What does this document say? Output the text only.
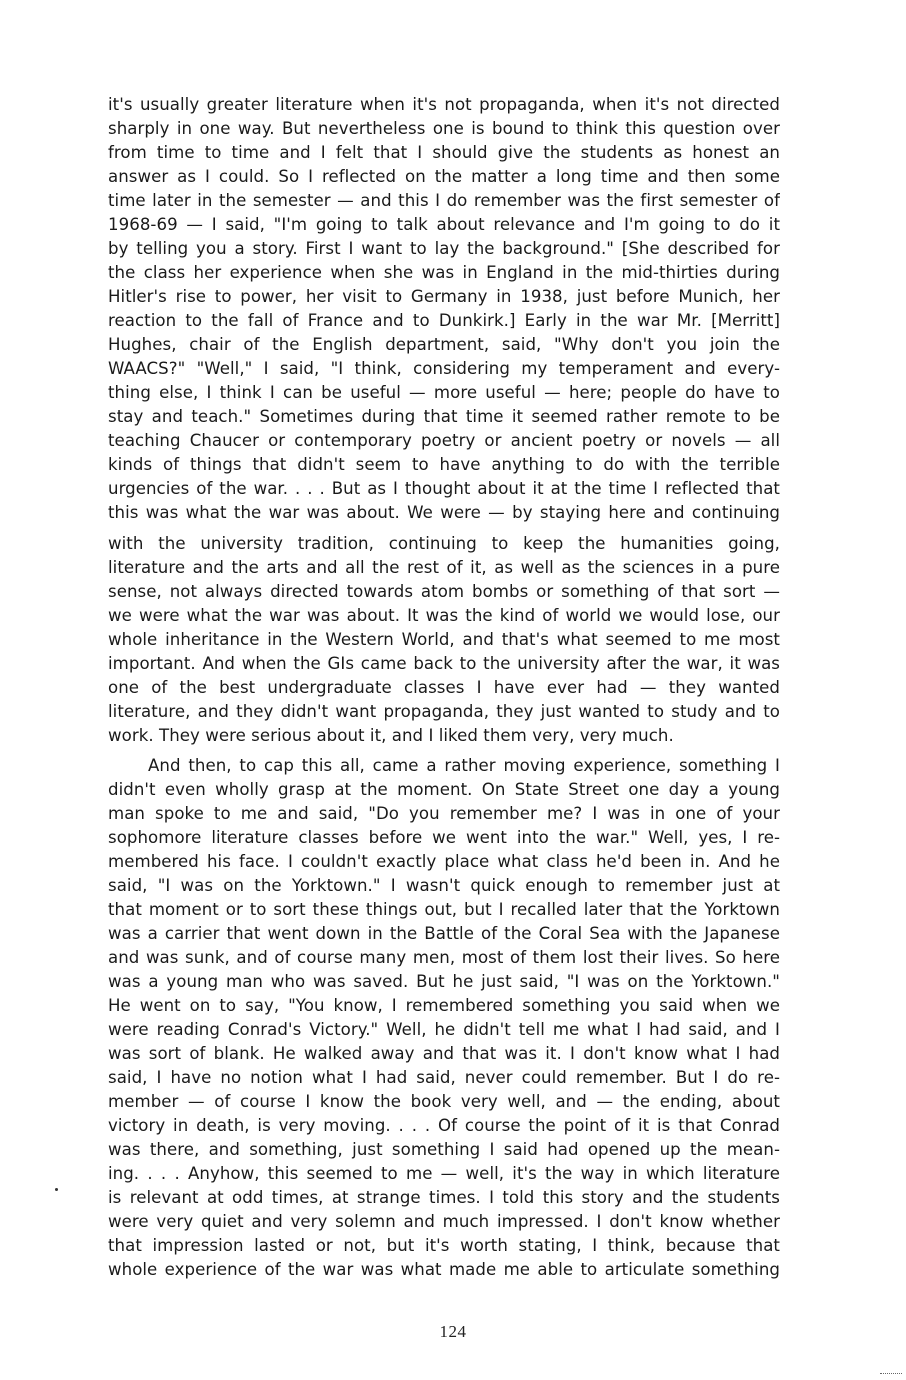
it's usually greater literature when it's not propaganda, when it's not directed
sharply in one way. But nevertheless one is bound to think this question over
from time to time and I felt that I should give the students as honest an
answer as I could. So I reflected on the matter a long time and then some
time later in the semester — and this I do remember was the first semester of
1968-69 — I said, "I'm going to talk about relevance and I'm going to do it
by telling you a story. First I want to lay the background." [She described for
the class her experience when she was in England in the mid-thirties during
Hitler's rise to power, her visit to Germany in 1938, just before Munich, her
reaction to the fall of France and to Dunkirk.] Early in the war Mr. [Merritt]
Hughes, chair of the English department, said, "Why don't you join the
WAACS?" "Well," I said, "I think, considering my temperament and every-
thing else, I think I can be useful — more useful — here; people do have to
stay and teach." Sometimes during that time it seemed rather remote to be
teaching Chaucer or contemporary poetry or ancient poetry or novels — all
kinds of things that didn't seem to have anything to do with the terrible
urgencies of the war. . . . But as I thought about it at the time I reflected that
this was what the war was about. We were — by staying here and continuing
with the university tradition, continuing to keep the humanities going,
literature and the arts and all the rest of it, as well as the sciences in a pure
sense, not always directed towards atom bombs or something of that sort —
we were what the war was about. It was the kind of world we would lose, our
whole inheritance in the Western World, and that's what seemed to me most
important. And when the GIs came back to the university after the war, it was
one of the best undergraduate classes I have ever had — they wanted
literature, and they didn't want propaganda, they just wanted to study and to
work. They were serious about it, and I liked them very, very much.
And then, to cap this all, came a rather moving experience, something I
didn't even wholly grasp at the moment. On State Street one day a young
man spoke to me and said, "Do you remember me? I was in one of your
sophomore literature classes before we went into the war." Well, yes, I re-
membered his face. I couldn't exactly place what class he'd been in. And he
said, "I was on the Yorktown." I wasn't quick enough to remember just at
that moment or to sort these things out, but I recalled later that the Yorktown
was a carrier that went down in the Battle of the Coral Sea with the Japanese
and was sunk, and of course many men, most of them lost their lives. So here
was a young man who was saved. But he just said, "I was on the Yorktown."
He went on to say, "You know, I remembered something you said when we
were reading Conrad's Victory." Well, he didn't tell me what I had said, and I
was sort of blank. He walked away and that was it. I don't know what I had
said, I have no notion what I had said, never could remember. But I do re-
member — of course I know the book very well, and — the ending, about
victory in death, is very moving. . . . Of course the point of it is that Conrad
was there, and something, just something I said had opened up the mean-
ing. . . . Anyhow, this seemed to me — well, it's the way in which literature
is relevant at odd times, at strange times. I told this story and the students
were very quiet and very solemn and much impressed. I don't know whether
that impression lasted or not, but it's worth stating, I think, because that
whole experience of the war was what made me able to articulate something
124
